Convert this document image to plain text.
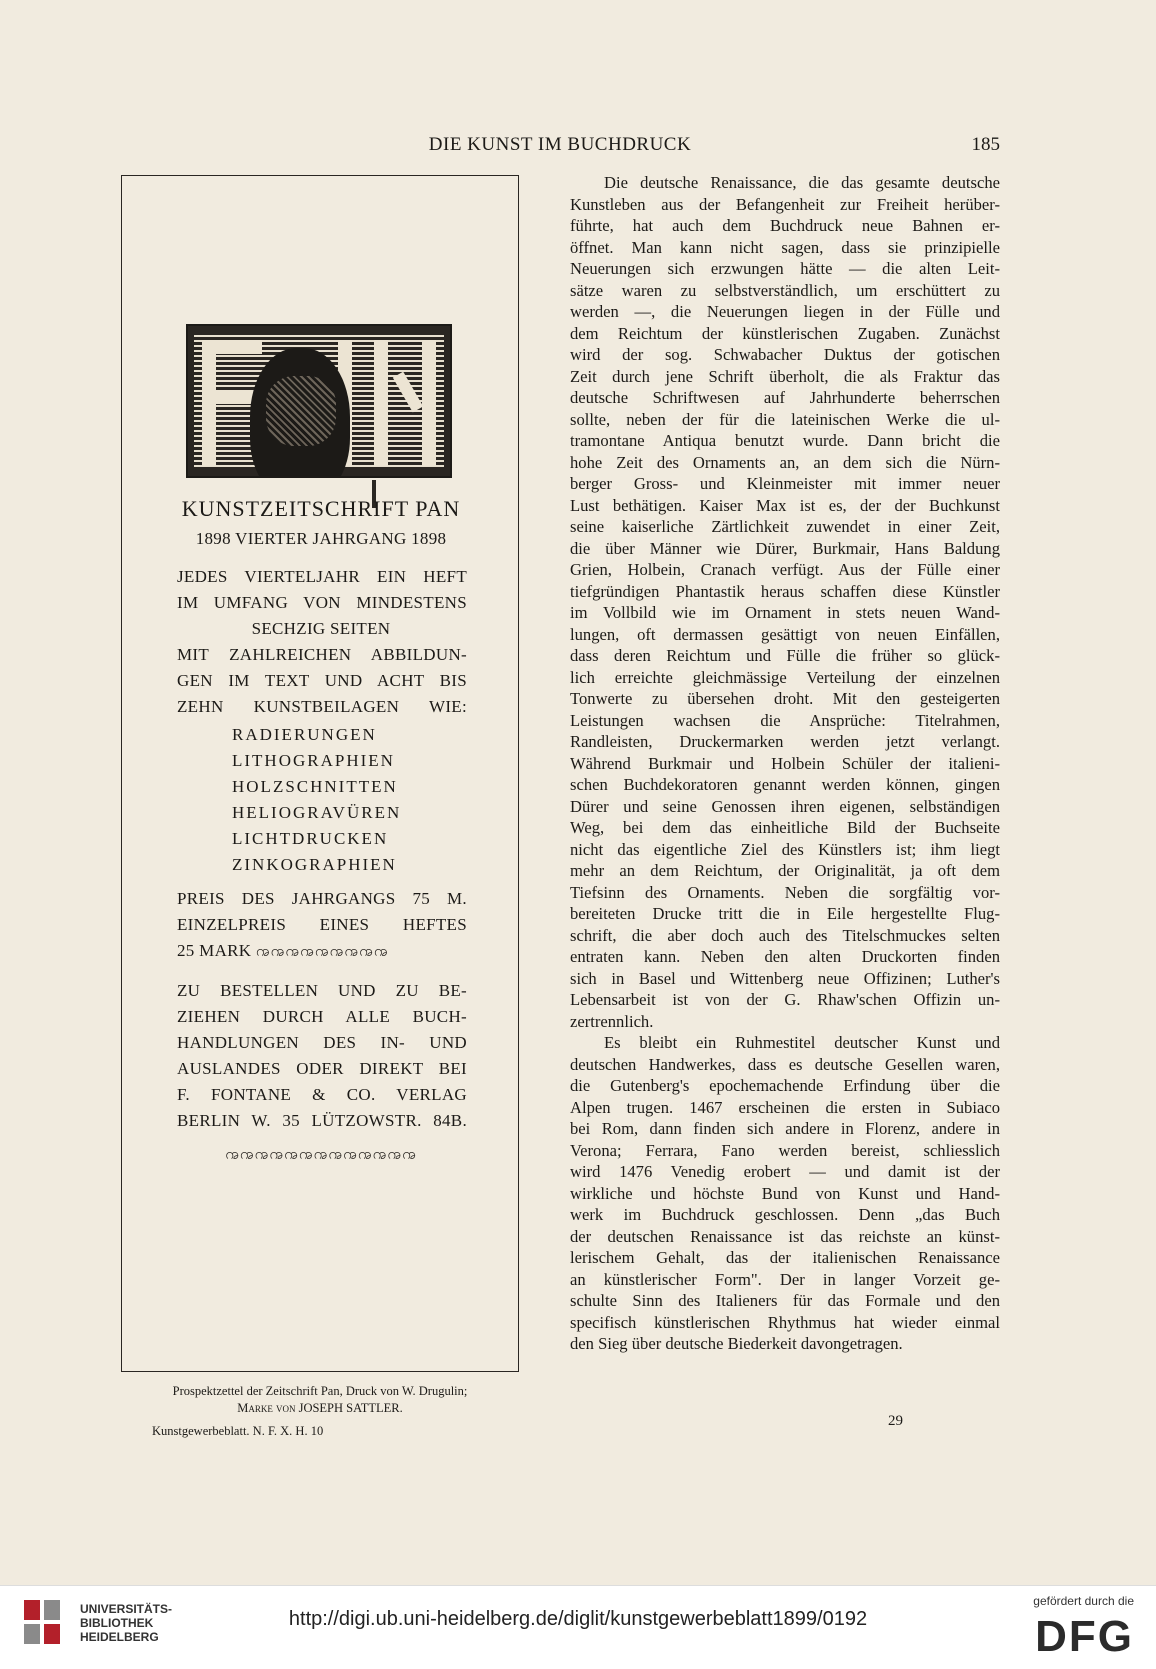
DIE KUNST IM BUCHDRUCK	185
KUNSTZEITSCHRIFT PAN
1898 VIERTER JAHRGANG 1898
JEDES VIERTELJAHR EIN HEFT
IM UMFANG VON MINDESTENS
SECHZIG SEITEN
MIT ZAHLREICHEN ABBILDUN-
GEN IM TEXT UND ACHT BIS
ZEHN KUNSTBEILAGEN WIE:
RADIERUNGEN
LITHOGRAPHIEN
HOLZSCHNITTEN
HELIOGRAVÜREN
LICHTDRUCKEN
ZINKOGRAPHIEN
PREIS DES JAHRGANGS 75 M.
EINZELPREIS EINES HEFTES
25 MARK ꩠꩠꩠꩠꩠꩠꩠꩠꩠ
ZU BESTELLEN UND ZU BE-
ZIEHEN DURCH ALLE BUCH-
HANDLUNGEN DES IN- UND
AUSLANDES ODER DIREKT BEI
F. FONTANE & CO. VERLAG
BERLIN W. 35 LÜTZOWSTR. 84B.
ꩠꩠꩠꩠꩠꩠꩠꩠꩠꩠꩠꩠꩠ
Prospektzettel der Zeitschrift Pan, Druck von W. Drugulin;
Marke von JOSEPH SATTLER.
Kunstgewerbeblatt. N. F. X. H. 10
29
Die deutsche Renaissance, die das gesamte deutsche
Kunstleben aus der Befangenheit zur Freiheit herüber-
führte, hat auch dem Buchdruck neue Bahnen er-
öffnet. Man kann nicht sagen, dass sie prinzipielle
Neuerungen sich erzwungen hätte — die alten Leit-
sätze waren zu selbstverständlich, um erschüttert zu
werden —, die Neuerungen liegen in der Fülle und
dem Reichtum der künstlerischen Zugaben. Zunächst
wird der sog. Schwabacher Duktus der gotischen
Zeit durch jene Schrift überholt, die als Fraktur das
deutsche Schriftwesen auf Jahrhunderte beherrschen
sollte, neben der für die lateinischen Werke die ul-
tramontane Antiqua benutzt wurde. Dann bricht die
hohe Zeit des Ornaments an, an dem sich die Nürn-
berger Gross- und Kleinmeister mit immer neuer
Lust bethätigen. Kaiser Max ist es, der der Buchkunst
seine kaiserliche Zärtlichkeit zuwendet in einer Zeit,
die über Männer wie Dürer, Burkmair, Hans Baldung
Grien, Holbein, Cranach verfügt. Aus der Fülle einer
tiefgründigen Phantastik heraus schaffen diese Künstler
im Vollbild wie im Ornament in stets neuen Wand-
lungen, oft dermassen gesättigt von neuen Einfällen,
dass deren Reichtum und Fülle die früher so glück-
lich erreichte gleichmässige Verteilung der einzelnen
Tonwerte zu übersehen droht. Mit den gesteigerten
Leistungen wachsen die Ansprüche: Titelrahmen,
Randleisten, Druckermarken werden jetzt verlangt.
Während Burkmair und Holbein Schüler der italieni-
schen Buchdekoratoren genannt werden können, gingen
Dürer und seine Genossen ihren eigenen, selbständigen
Weg, bei dem das einheitliche Bild der Buchseite
nicht das eigentliche Ziel des Künstlers ist; ihm liegt
mehr an dem Reichtum, der Originalität, ja oft dem
Tiefsinn des Ornaments. Neben die sorgfältig vor-
bereiteten Drucke tritt die in Eile hergestellte Flug-
schrift, die aber doch auch des Titelschmuckes selten
entraten kann. Neben den alten Druckorten finden
sich in Basel und Wittenberg neue Offizinen; Luther's
Lebensarbeit ist von der G. Rhaw'schen Offizin un-
zertrennlich.
Es bleibt ein Ruhmestitel deutscher Kunst und
deutschen Handwerkes, dass es deutsche Gesellen waren,
die Gutenberg's epochemachende Erfindung über die
Alpen trugen. 1467 erscheinen die ersten in Subiaco
bei Rom, dann finden sich andere in Florenz, andere in
Verona; Ferrara, Fano werden bereist, schliesslich
wird 1476 Venedig erobert — und damit ist der
wirkliche und höchste Bund von Kunst und Hand-
werk im Buchdruck geschlossen. Denn „das Buch
der deutschen Renaissance ist das reichste an künst-
lerischem Gehalt, das der italienischen Renaissance
an künstlerischer Form". Der in langer Vorzeit ge-
schulte Sinn des Italieners für das Formale und den
specifisch künstlerischen Rhythmus hat wieder einmal
den Sieg über deutsche Biederkeit davongetragen.
UNIVERSITÄTS-
BIBLIOTHEK
HEIDELBERG
http://digi.ub.uni-heidelberg.de/diglit/kunstgewerbeblatt1899/0192
gefördert durch die
DFG
